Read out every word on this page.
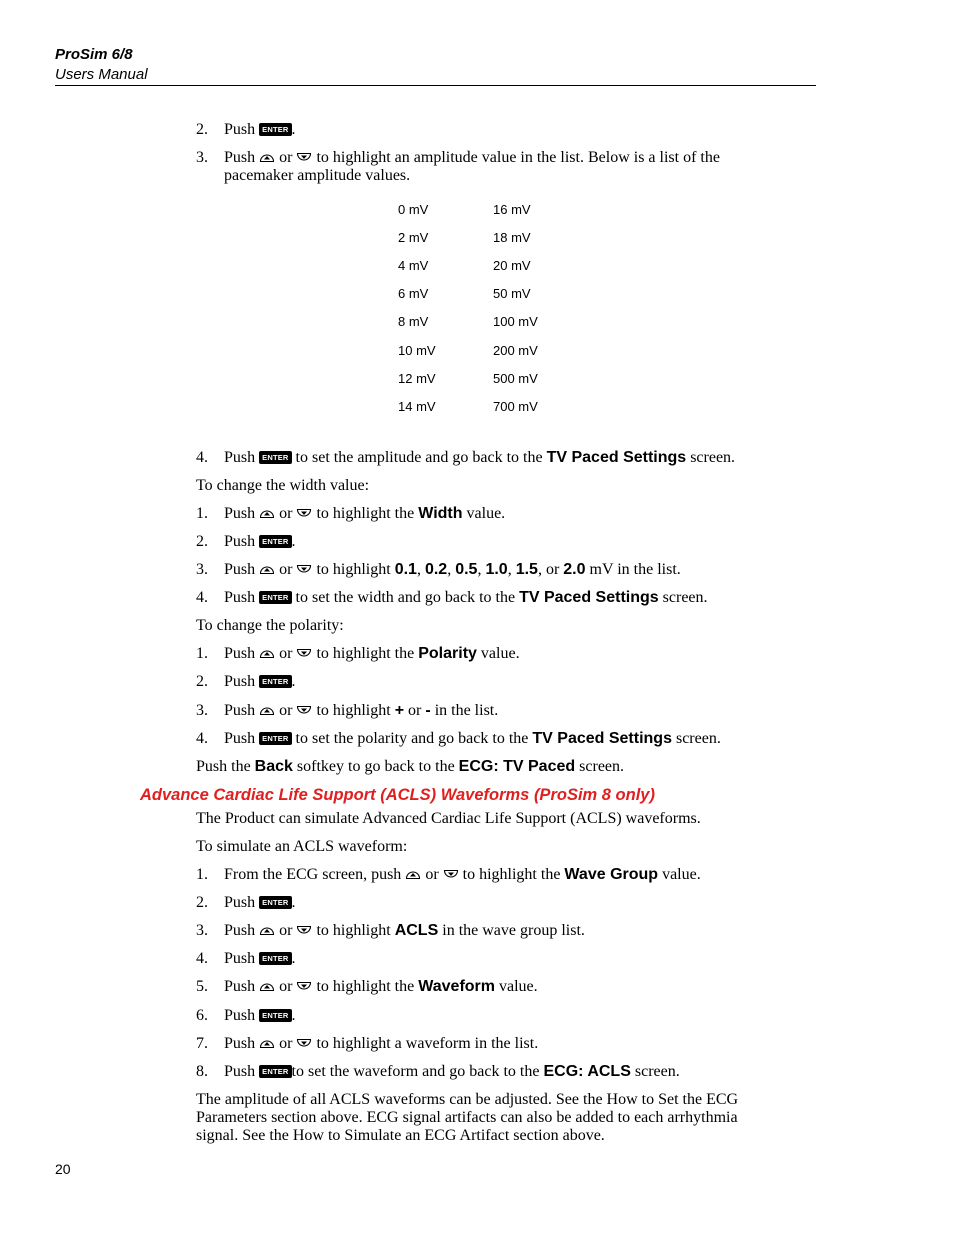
ProSim 6/8
Users Manual
2. Push ENTER .
3. Push or to highlight an amplitude value in the list. Below is a list of the
pacemaker amplitude values.
0 mV	16 mV
2 mV	18 mV
4 mV	20 mV
6 mV	50 mV
8 mV	100 mV
10 mV	200 mV
12 mV	500 mV
14 mV	700 mV
4. Push ENTER to set the amplitude and go back to the TV Paced Settings screen.
To change the width value:
1. Push or to highlight the Width value.
2. Push ENTER .
3. Push or to highlight 0.1, 0.2, 0.5, 1.0, 1.5, or 2.0 mV in the list.
4. Push ENTER to set the width and go back to the TV Paced Settings screen.
To change the polarity:
1. Push or to highlight the Polarity value.
2. Push ENTER .
3. Push or to highlight + or - in the list.
4. Push ENTER to set the polarity and go back to the TV Paced Settings screen.
Push the Back softkey to go back to the ECG: TV Paced screen.
Advance Cardiac Life Support (ACLS) Waveforms (ProSim 8 only)
The Product can simulate Advanced Cardiac Life Support (ACLS) waveforms.
To simulate an ACLS waveform:
1. From the ECG screen, push or to highlight the Wave Group value.
2. Push ENTER .
3. Push or to highlight ACLS in the wave group list.
4. Push ENTER .
5. Push or to highlight the Waveform value.
6. Push ENTER .
7. Push or to highlight a waveform in the list.
8. Push ENTER to set the waveform and go back to the ECG: ACLS screen.
The amplitude of all ACLS waveforms can be adjusted. See the How to Set the ECG
Parameters section above. ECG signal artifacts can also be added to each arrhythmia
signal. See the How to Simulate an ECG Artifact section above.
20
